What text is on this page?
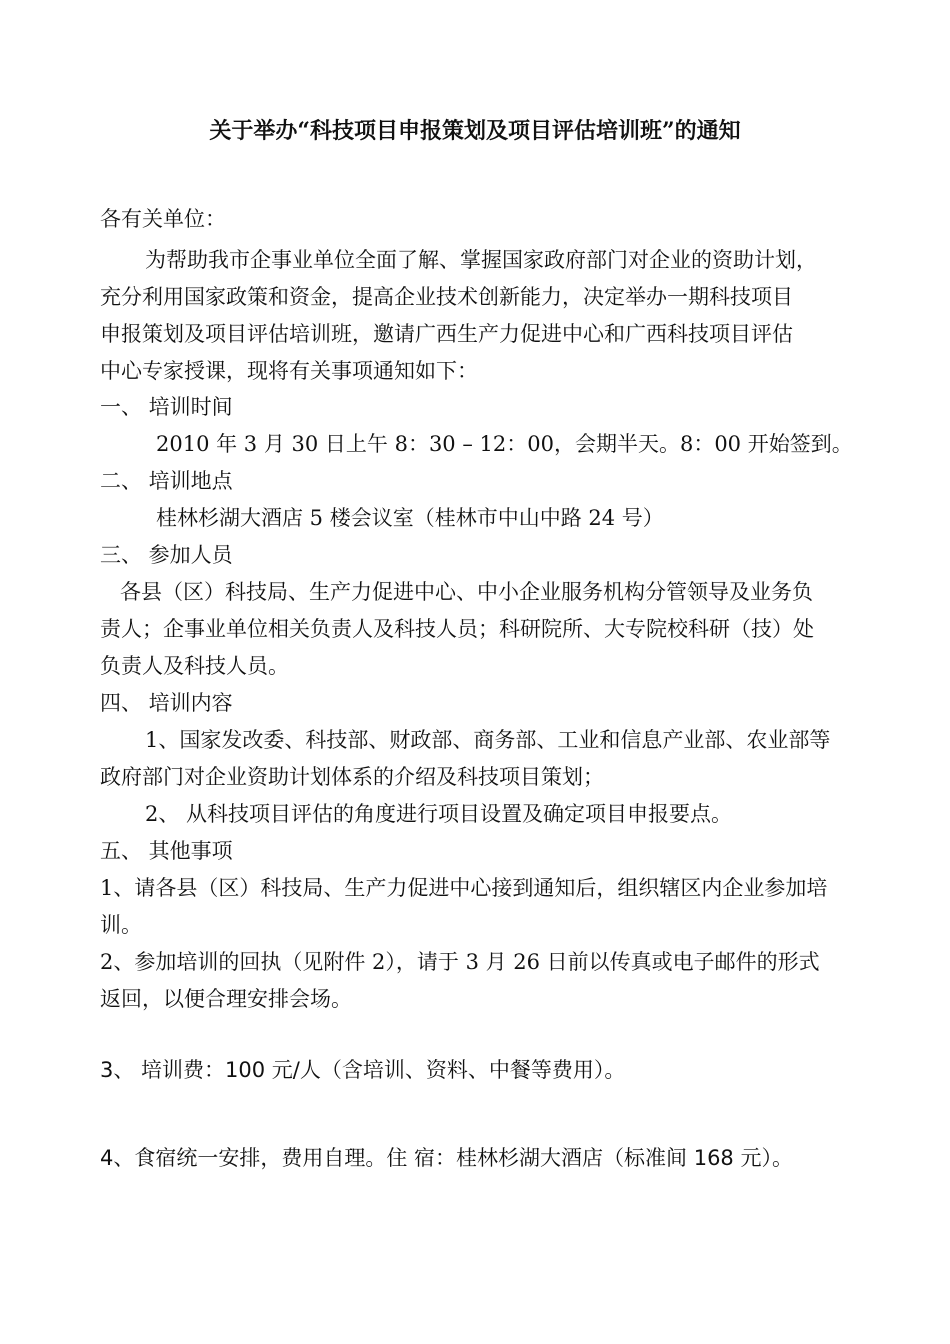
关于举办“科技项目申报策划及项目评估培训班”的通知
各有关单位：
为帮助我市企事业单位全面了解、掌握国家政府部门对企业的资助计划，
充分利用国家政策和资金，提高企业技术创新能力，决定举办一期科技项目
申报策划及项目评估培训班，邀请广西生产力促进中心和广西科技项目评估
中心专家授课，现将有关事项通知如下：
一、 培训时间
2010 年 3 月 30 日上午 8：30 – 12：00，会期半天。8：00 开始签到。
二、 培训地点
桂林杉湖大酒店 5 楼会议室（桂林市中山中路 24 号）
三、 参加人员
各县（区）科技局、生产力促进中心、中小企业服务机构分管领导及业务负
责人；企事业单位相关负责人及科技人员；科研院所、大专院校科研（技）处
负责人及科技人员。
四、 培训内容
1、国家发改委、科技部、财政部、商务部、工业和信息产业部、农业部等
政府部门对企业资助计划体系的介绍及科技项目策划；
2、 从科技项目评估的角度进行项目设置及确定项目申报要点。
五、 其他事项
1、请各县（区）科技局、生产力促进中心接到通知后，组织辖区内企业参加培
训。
2、参加培训的回执（见附件 2），请于 3 月 26 日前以传真或电子邮件的形式
返回，以便合理安排会场。
3、 培训费：100 元/人（含培训、资料、中餐等费用）。
4、食宿统一安排，费用自理。住 宿：桂林杉湖大酒店（标准间 168 元）。
